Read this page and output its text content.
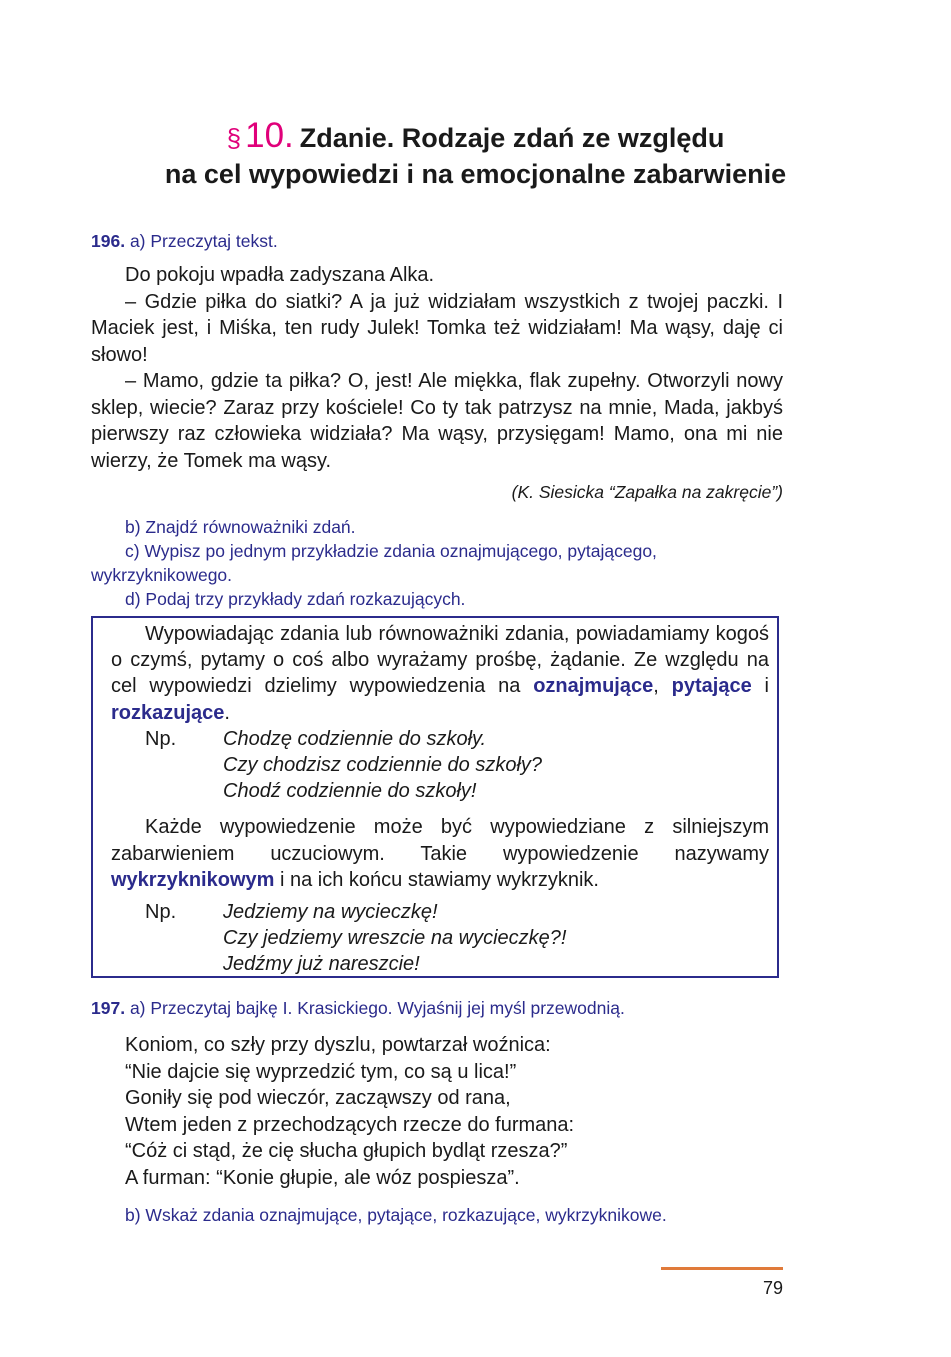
§ 10. Zdanie. Rodzaje zdań ze względu
na cel wypowiedzi i na emocjonalne zabarwienie
196. a) Przeczytaj tekst.

Do pokoju wpadła zadyszana Alka.

– Gdzie piłka do siatki? A ja już widziałam wszystkich z twojej paczki. I Maciek jest, i Miśka, ten rudy Julek! Tomka też widziałam! Ma wąsy, daję ci słowo!

– Mamo, gdzie ta piłka? O, jest! Ale miękka, flak zupełny. Otworzyli nowy sklep, wiecie? Zaraz przy kościele! Co ty tak patrzysz na mnie, Mada, jakbyś pierwszy raz człowieka widziała? Ma wąsy, przysięgam! Mamo, ona mi nie wierzy, że Tomek ma wąsy.

(K. Siesicka “Zapałka na zakręcie”)
b) Znajdź równoważniki zdań.
c) Wypisz po jednym przykładzie zdania oznajmującego, pytającego, wykrzyknikowego.
d) Podaj trzy przykłady zdań rozkazujących.

Wypowiadając zdania lub równoważniki zdania, powiadamiamy kogoś o czymś, pytamy o coś albo wyrażamy prośbę, żądanie. Ze względu na cel wypowiedzi dzielimy wypowiedzenia na oznajmujące, pytające i rozkazujące.

Np.	Chodzę codziennie do szkoły.
Czy chodzisz codziennie do szkoły?
Chodź codziennie do szkoły!

Każde wypowiedzenie może być wypowiedziane z silniejszym zabarwieniem uczuciowym. Takie wypowiedzenie nazywamy wykrzyknikowym i na ich końcu stawiamy wykrzyknik.

Np.	Jedziemy na wycieczkę!
Czy jedziemy wreszcie na wycieczkę?!
Jedźmy już nareszcie!
197. a) Przeczytaj bajkę I. Krasickiego. Wyjaśnij jej myśl przewodnią.
Koniom, co szły przy dyszlu, powtarzał woźnica:
“Nie dajcie się wyprzedzić tym, co są u lica!”
Goniły się pod wieczór, zacząwszy od rana,
Wtem jeden z przechodzących rzecze do furmana:
“Cóż ci stąd, że cię słucha głupich bydląt rzesza?”
A furman: “Konie głupie, ale wóz pospiesza”.
b) Wskaż zdania oznajmujące, pytające, rozkazujące, wykrzyknikowe.
79
